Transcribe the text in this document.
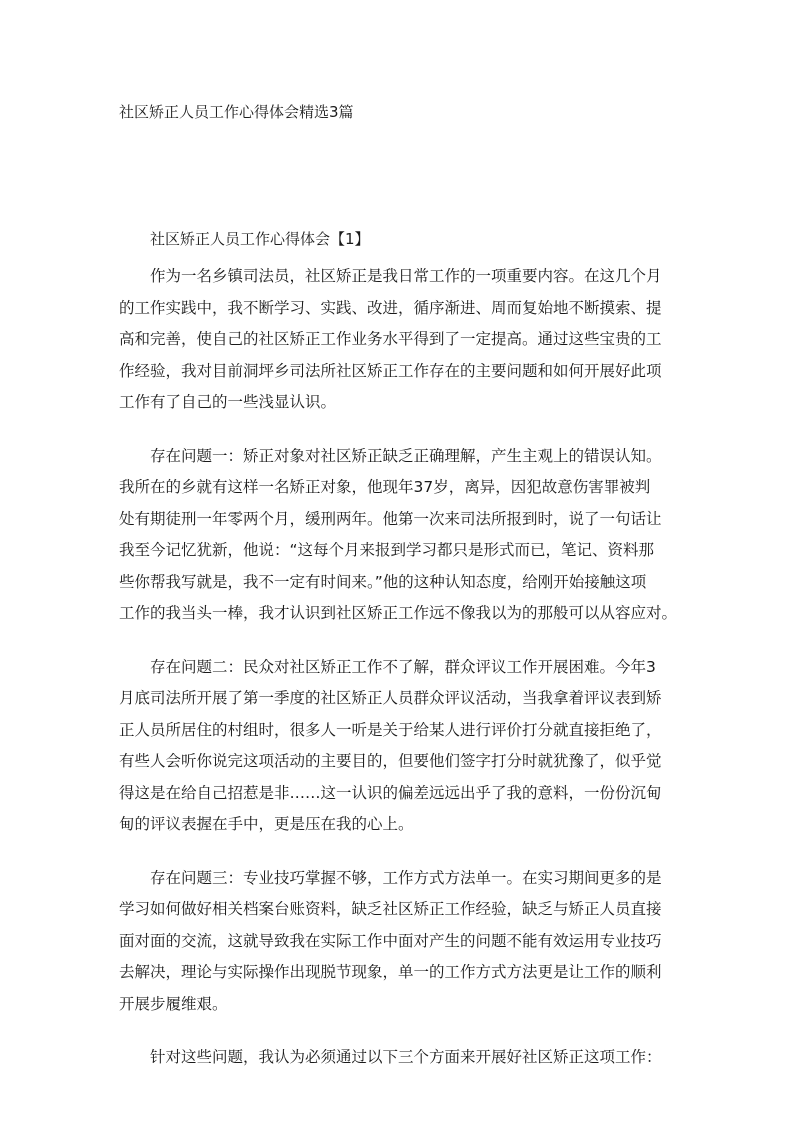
社区矫正人员工作心得体会精选3篇
社区矫正人员工作心得体会【1】

作为一名乡镇司法员，社区矫正是我日常工作的一项重要内容。在这几个月
的工作实践中，我不断学习、实践、改进，循序渐进、周而复始地不断摸索、提
高和完善，使自己的社区矫正工作业务水平得到了一定提高。通过这些宝贵的工
作经验，我对目前洞坪乡司法所社区矫正工作存在的主要问题和如何开展好此项
工作有了自己的一些浅显认识。

存在问题一：矫正对象对社区矫正缺乏正确理解，产生主观上的错误认知。
我所在的乡就有这样一名矫正对象，他现年37岁，离异，因犯故意伤害罪被判
处有期徒刑一年零两个月，缓刑两年。他第一次来司法所报到时，说了一句话让
我至今记忆犹新，他说：“这每个月来报到学习都只是形式而已，笔记、资料那
些你帮我写就是，我不一定有时间来。”他的这种认知态度，给刚开始接触这项
工作的我当头一棒，我才认识到社区矫正工作远不像我以为的那般可以从容应对。

存在问题二：民众对社区矫正工作不了解，群众评议工作开展困难。今年3
月底司法所开展了第一季度的社区矫正人员群众评议活动，当我拿着评议表到矫
正人员所居住的村组时，很多人一听是关于给某人进行评价打分就直接拒绝了，
有些人会听你说完这项活动的主要目的，但要他们签字打分时就犹豫了，似乎觉
得这是在给自己招惹是非……这一认识的偏差远远出乎了我的意料，一份份沉甸
甸的评议表握在手中，更是压在我的心上。

存在问题三：专业技巧掌握不够，工作方式方法单一。在实习期间更多的是
学习如何做好相关档案台账资料，缺乏社区矫正工作经验，缺乏与矫正人员直接
面对面的交流，这就导致我在实际工作中面对产生的问题不能有效运用专业技巧
去解决，理论与实际操作出现脱节现象，单一的工作方式方法更是让工作的顺利
开展步履维艰。

针对这些问题，我认为必须通过以下三个方面来开展好社区矫正这项工作：
